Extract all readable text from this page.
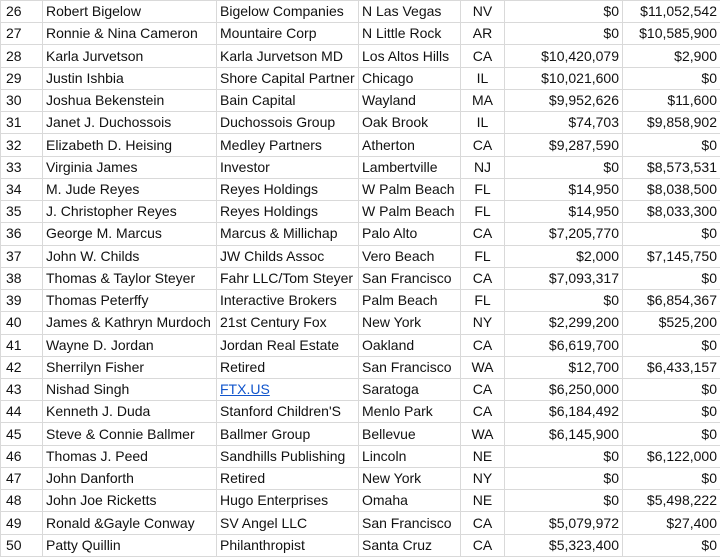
26	Robert Bigelow	Bigelow Companies	N Las Vegas	NV	$0	$11,052,542
27	Ronnie & Nina Cameron	Mountaire Corp	N Little Rock	AR	$0	$10,585,900
28	Karla Jurvetson	Karla Jurvetson MD	Los Altos Hills	CA	$10,420,079	$2,900
29	Justin Ishbia	Shore Capital Partner	Chicago	IL	$10,021,600	$0
30	Joshua Bekenstein	Bain Capital	Wayland	MA	$9,952,626	$11,600
31	Janet J. Duchossois	Duchossois Group	Oak Brook	IL	$74,703	$9,858,902
32	Elizabeth D. Heising	Medley Partners	Atherton	CA	$9,287,590	$0
33	Virginia James	Investor	Lambertville	NJ	$0	$8,573,531
34	M. Jude Reyes	Reyes Holdings	W Palm Beach	FL	$14,950	$8,038,500
35	J. Christopher Reyes	Reyes Holdings	W Palm Beach	FL	$14,950	$8,033,300
36	George M. Marcus	Marcus & Millichap	Palo Alto	CA	$7,205,770	$0
37	John W. Childs	JW Childs Assoc	Vero Beach	FL	$2,000	$7,145,750
38	Thomas & Taylor Steyer	Fahr LLC/Tom Steyer	San Francisco	CA	$7,093,317	$0
39	Thomas Peterffy	Interactive Brokers	Palm Beach	FL	$0	$6,854,367
40	James & Kathryn Murdoch	21st Century Fox	New York	NY	$2,299,200	$525,200
41	Wayne D. Jordan	Jordan Real Estate	Oakland	CA	$6,619,700	$0
42	Sherrilyn Fisher	Retired	San Francisco	WA	$12,700	$6,433,157
43	Nishad Singh	FTX.US	Saratoga	CA	$6,250,000	$0
44	Kenneth J. Duda	Stanford Children'S	Menlo Park	CA	$6,184,492	$0
45	Steve & Connie Ballmer	Ballmer Group	Bellevue	WA	$6,145,900	$0
46	Thomas J. Peed	Sandhills Publishing	Lincoln	NE	$0	$6,122,000
47	John Danforth	Retired	New York	NY	$0	$0
48	John Joe Ricketts	Hugo Enterprises	Omaha	NE	$0	$5,498,222
49	Ronald &Gayle Conway	SV Angel LLC	San Francisco	CA	$5,079,972	$27,400
50	Patty Quillin	Philanthropist	Santa Cruz	CA	$5,323,400	$0
